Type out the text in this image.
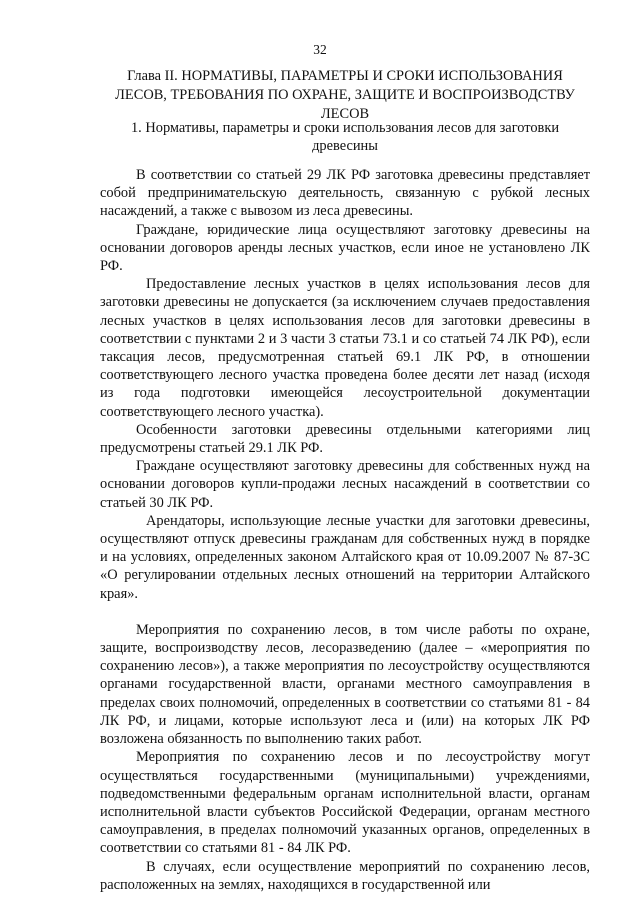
32
Глава II. НОРМАТИВЫ, ПАРАМЕТРЫ И СРОКИ ИСПОЛЬЗОВАНИЯ ЛЕСОВ, ТРЕБОВАНИЯ ПО ОХРАНЕ, ЗАЩИТЕ И ВОСПРОИЗВОДСТВУ ЛЕСОВ
1. Нормативы, параметры и сроки использования лесов для заготовки древесины

В соответствии со статьей 29 ЛК РФ заготовка древесины представляет собой предпринимательскую деятельность, связанную с рубкой лесных насаждений, а также с вывозом из леса древесины.

Граждане, юридические лица осуществляют заготовку древесины на основании договоров аренды лесных участков, если иное не установлено ЛК РФ.

Предоставление лесных участков в целях использования лесов для заготовки древесины не допускается (за исключением случаев предоставления лесных участков в целях использования лесов для заготовки древесины в соответствии с пунктами 2 и 3 части 3 статьи 73.1 и со статьей 74 ЛК РФ), если таксация лесов, предусмотренная статьей 69.1 ЛК РФ, в отношении соответствующего лесного участка проведена более десяти лет назад (исходя из года подготовки имеющейся лесоустроительной документации соответствующего лесного участка).

Особенности заготовки древесины отдельными категориями лиц предусмотрены статьей 29.1 ЛК РФ.

Граждане осуществляют заготовку древесины для собственных нужд на основании договоров купли-продажи лесных насаждений в соответствии со статьей 30 ЛК РФ.

Арендаторы, использующие лесные участки для заготовки древесины, осуществляют отпуск древесины гражданам для собственных нужд в порядке и на условиях, определенных законом Алтайского края от 10.09.2007 № 87-ЗС «О регулировании отдельных лесных отношений на территории Алтайского края».

Мероприятия по сохранению лесов, в том числе работы по охране, защите, воспроизводству лесов, лесоразведению (далее – «мероприятия по сохранению лесов»), а также мероприятия по лесоустройству осуществляются органами государственной власти, органами местного самоуправления в пределах своих полномочий, определенных в соответствии со статьями 81 - 84 ЛК РФ, и лицами, которые используют леса и (или) на которых ЛК РФ возложена обязанность по выполнению таких работ.

Мероприятия по сохранению лесов и по лесоустройству могут осуществляться государственными (муниципальными) учреждениями, подведомственными федеральным органам исполнительной власти, органам исполнительной власти субъектов Российской Федерации, органам местного самоуправления, в пределах полномочий указанных органов, определенных в соответствии со статьями 81 - 84 ЛК РФ.

В случаях, если осуществление мероприятий по сохранению лесов, расположенных на землях, находящихся в государственной или
